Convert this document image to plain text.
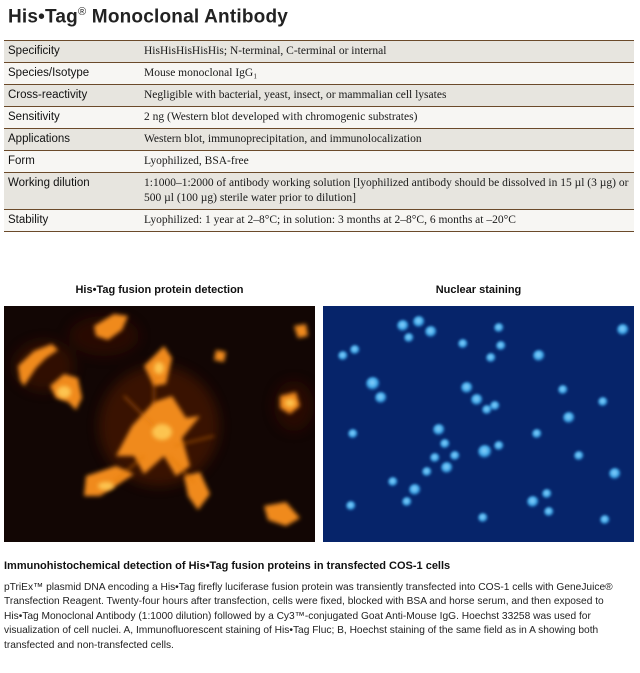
His•Tag® Monoclonal Antibody
Specificity	HisHisHisHisHis; N-terminal, C-terminal or internal
Species/Isotype	Mouse monoclonal IgG₁
Cross-reactivity	Negligible with bacterial, yeast, insect, or mammalian cell lysates
Sensitivity	2 ng (Western blot developed with chromogenic substrates)
Applications	Western blot, immunoprecipitation, and immunolocalization
Form	Lyophilized, BSA-free
Working dilution	1:1000–1:2000 of antibody working solution [lyophilized antibody should be dissolved in 15 µl (3 µg) or 500 µl (100 µg) sterile water prior to dilution]
Stability	Lyophilized: 1 year at 2–8°C; in solution: 3 months at 2–8°C, 6 months at –20°C
His•Tag fusion protein detection	Nuclear staining
Immunohistochemical detection of His•Tag fusion proteins in transfected COS-1 cells

pTriEx™ plasmid DNA encoding a His•Tag firefly luciferase fusion protein was transiently transfected into COS-1 cells with GeneJuice® Transfection Reagent. Twenty-four hours after transfection, cells were fixed, blocked with BSA and horse serum, and then exposed to His•Tag Monoclonal Antibody (1:1000 dilution) followed by a Cy3™-conjugated Goat Anti-Mouse IgG. Hoechst 33258 was used for visualization of cell nuclei. A, Immunofluorescent staining of His•Tag Fluc; B, Hoechst staining of the same field as in A showing both transfected and non-transfected cells.
